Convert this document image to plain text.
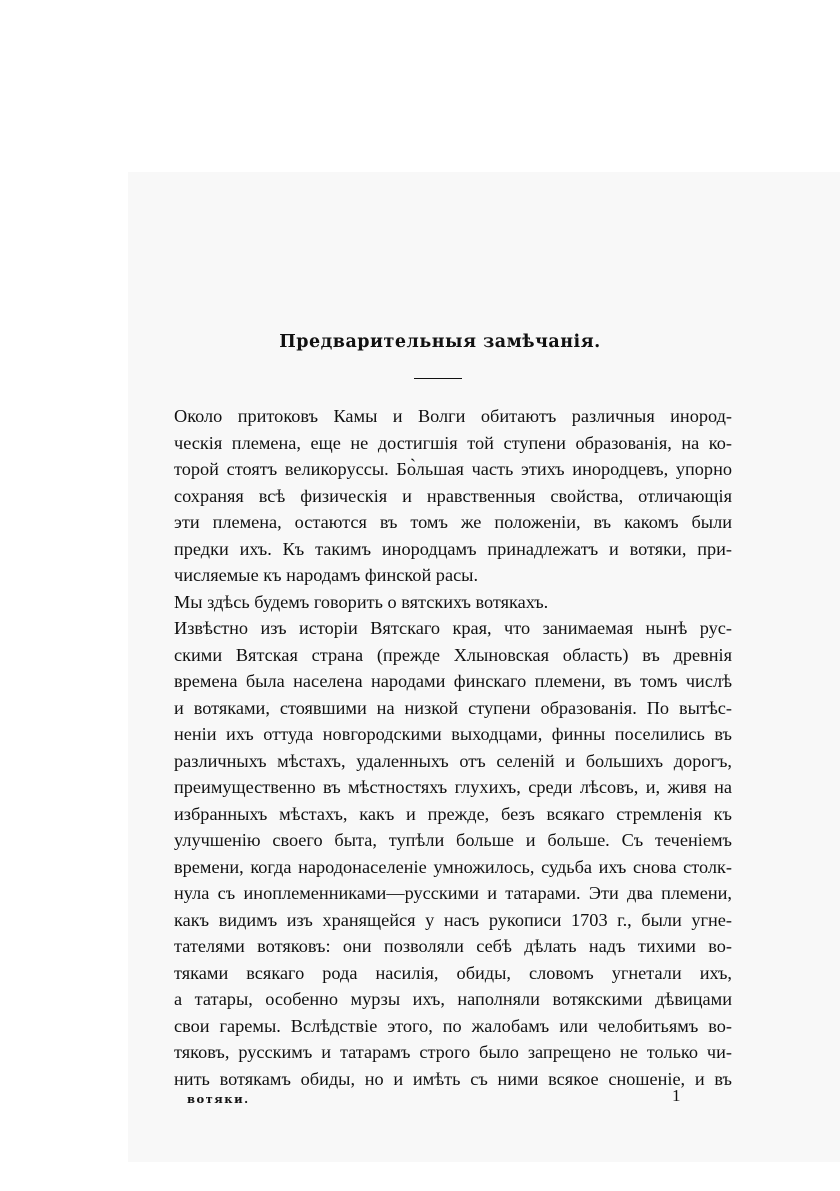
Предварительныя замѣчанія.
Около притоковъ Камы и Волги обитаютъ различныя инород-
ческія племена, еще не достигшія той ступени образованія, на ко-
торой стоятъ великоруссы. Бо̀льшая часть этихъ инородцевъ, упорно
сохраняя всѣ физическія и нравственныя свойства, отличающія
эти племена, остаются въ томъ же положеніи, въ какомъ были
предки ихъ. Къ такимъ инородцамъ принадлежатъ и вотяки, при-
числяемые къ народамъ финской расы.
Мы здѣсь будемъ говорить о вятскихъ вотякахъ.
Извѣстно изъ исторіи Вятскаго края, что занимаемая нынѣ рус-
скими Вятская страна (прежде Хлыновская область) въ древнія
времена была населена народами финскаго племени, въ томъ числѣ
и вотяками, стоявшими на низкой ступени образованія. По вытѣс-
неніи ихъ оттуда новгородскими выходцами, финны поселились въ
различныхъ мѣстахъ, удаленныхъ отъ селеній и большихъ дорогъ,
преимущественно въ мѣстностяхъ глухихъ, среди лѣсовъ, и, живя на
избранныхъ мѣстахъ, какъ и прежде, безъ всякаго стремленія къ
улучшенію своего быта, тупѣли больше и больше. Съ теченіемъ
времени, когда народонаселеніе умножилось, судьба ихъ снова столк-
нула съ иноплеменниками—русскими и татарами. Эти два племени,
какъ видимъ изъ хранящейся у насъ рукописи 1703 г., были угне-
тателями вотяковъ: они позволяли себѣ дѣлать надъ тихими во-
тяками всякаго рода насилія, обиды, словомъ угнетали ихъ,
а татары, особенно мурзы ихъ, наполняли вотякскими дѣвицами
свои гаремы. Вслѣдствіе этого, по жалобамъ или челобитьямъ во-
тяковъ, русскимъ и татарамъ строго было запрещено не только чи-
нить вотякамъ обиды, но и имѣть съ ними всякое сношеніе, и въ
вотяки.	1
